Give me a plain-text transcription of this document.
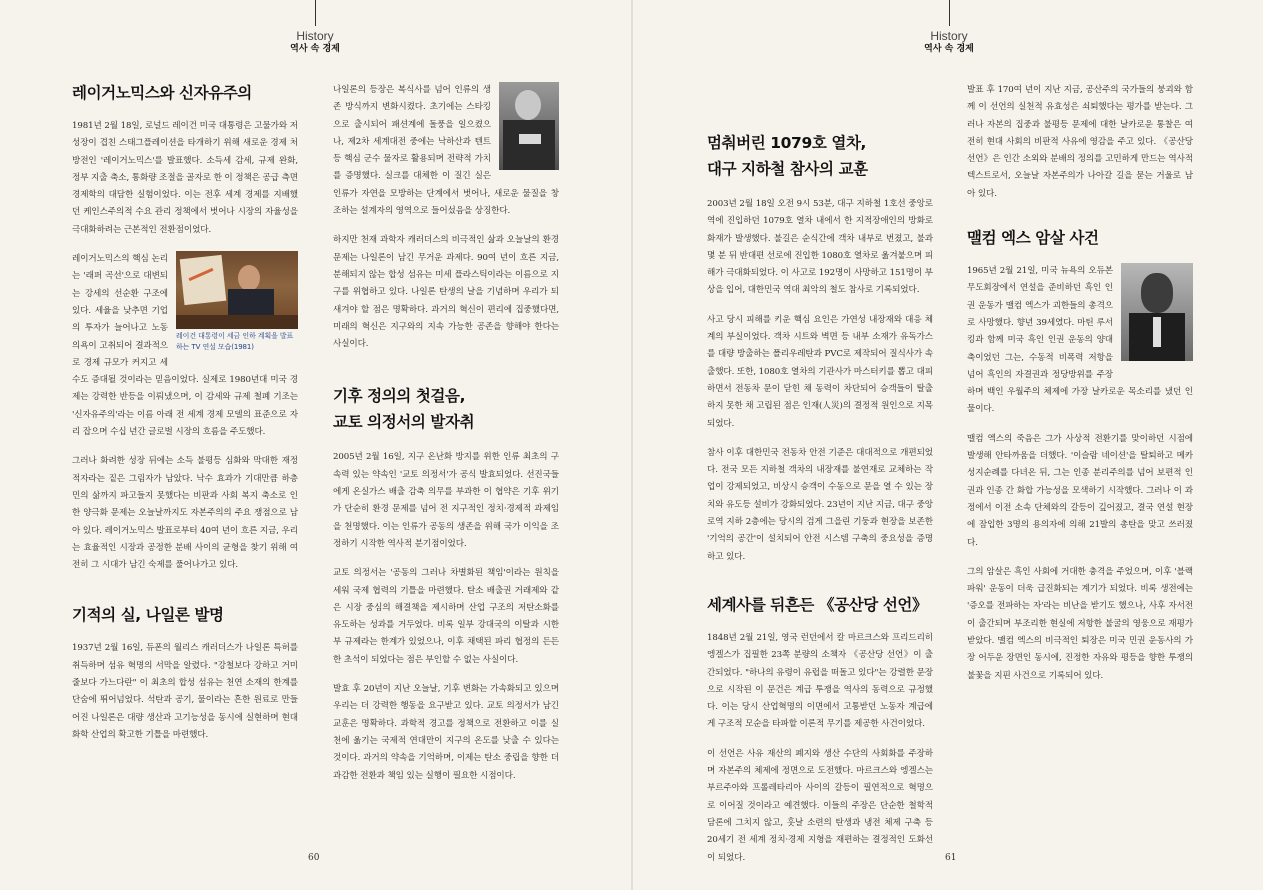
History
역사 속 경제
History
역사 속 경제
레이거노믹스와 신자유주의

1981년 2월 18일, 로널드 레이건 미국 대통령은 고물가와 저성장이 겹친 스태그플레이션을 타개하기 위해 새로운 경제 처방전인 '레이거노믹스'를 발표했다. 소득세 감세, 규제 완화, 정부 지출 축소, 통화량 조절을 골자로 한 이 정책은 공급 측면 경제학의 대담한 실험이었다. 이는 전후 세계 경제를 지배했던 케인스주의적 수요 관리 정책에서 벗어나 시장의 자율성을 극대화하려는 근본적인 전환점이었다.

레이건 대통령이 세금 인하 계획을 발표하는 TV 연설 모습(1981)

레이거노믹스의 핵심 논리는 '래퍼 곡선'으로 대변되는 강세의 선순환 구조에 있다. 세율을 낮추면 기업의 투자가 늘어나고 노동 의욕이 고취되어 결과적으로 경제 규모가 커지고 세수도 증대될 것이라는 믿음이었다. 실제로 1980년대 미국 경제는 강력한 반등을 이뤄냈으며, 이 감세와 규제 철폐 기조는 '신자유주의'라는 이름 아래 전 세계 경제 모델의 표준으로 자리 잡으며 수십 년간 글로벌 시장의 흐름을 주도했다.

그러나 화려한 성장 뒤에는 소득 불평등 심화와 막대한 재정 적자라는 짙은 그림자가 남았다. 낙수 효과가 기대만큼 하층민의 삶까지 파고들지 못했다는 비판과 사회 복지 축소로 인한 양극화 문제는 오늘날까지도 자본주의의 주요 쟁점으로 남아 있다. 레이거노믹스 발표로부터 40여 년이 흐른 지금, 우리는 효율적인 시장과 공정한 분배 사이의 균형을 찾기 위해 여전히 그 시대가 남긴 숙제를 풀어나가고 있다.

기적의 실, 나일론 발명

1937년 2월 16일, 듀폰의 월리스 캐러더스가 나일론 특허를 취득하며 섬유 혁명의 서막을 알렸다. "강철보다 강하고 거미줄보다 가느다란" 이 최초의 합성 섬유는 천연 소재의 한계를 단숨에 뛰어넘었다. 석탄과 공기, 물이라는 흔한 원료로 만들어진 나일론은 대량 생산과 고기능성을 동시에 실현하며 현대 화학 산업의 확고한 기틀을 마련했다.

나일론의 등장은 복식사를 넘어 인류의 생존 방식까지 변화시켰다. 초기에는 스타킹으로 출시되어 패션계에 돌풍을 일으켰으나, 제2차 세계대전 중에는 낙하산과 텐트 등 핵심 군수 물자로 활용되며 전략적 가치를 증명했다. 실크를 대체한 이 질긴 실은 인류가 자연을 모방하는 단계에서 벗어나, 새로운 물질을 창조하는 설계자의 영역으로 들어섰음을 상징한다.

하지만 천재 과학자 캐러더스의 비극적인 삶과 오늘날의 환경 문제는 나일론이 남긴 무거운 과제다. 90여 년이 흐른 지금, 분해되지 않는 합성 섬유는 미세 플라스틱이라는 이름으로 지구를 위협하고 있다. 나일론 탄생의 날을 기념하며 우리가 되새겨야 할 점은 명확하다. 과거의 혁신이 편리에 집중했다면, 미래의 혁신은 지구와의 지속 가능한 공존을 향해야 한다는 사실이다.

기후 정의의 첫걸음,
교토 의정서의 발자취

2005년 2월 16일, 지구 온난화 방지를 위한 인류 최초의 구속력 있는 약속인 '교토 의정서'가 공식 발효되었다. 선진국들에게 온실가스 배출 감축 의무를 부과한 이 협약은 기후 위기가 단순히 환경 문제를 넘어 전 지구적인 정치·경제적 과제임을 천명했다. 이는 인류가 공동의 생존을 위해 국가 이익을 조정하기 시작한 역사적 분기점이었다.

교토 의정서는 '공동의 그러나 차별화된 책임'이라는 원칙을 세워 국제 협력의 기틀을 마련했다. 탄소 배출권 거래제와 같은 시장 중심의 해결책을 제시하며 산업 구조의 저탄소화를 유도하는 성과를 거두었다. 비록 일부 강대국의 이탈과 시한부 규제라는 한계가 있었으나, 이후 채택된 파리 협정의 든든한 초석이 되었다는 점은 부인할 수 없는 사실이다.

발효 후 20년이 지난 오늘날, 기후 변화는 가속화되고 있으며 우리는 더 강력한 행동을 요구받고 있다. 교토 의정서가 남긴 교훈은 명확하다. 과학적 경고를 정책으로 전환하고 이를 실천에 옮기는 국제적 연대만이 지구의 온도를 낮출 수 있다는 것이다. 과거의 약속을 기억하며, 이제는 탄소 중립을 향한 더 과감한 전환과 책임 있는 실행이 필요한 시점이다.

멈춰버린 1079호 열차,
대구 지하철 참사의 교훈

2003년 2월 18일 오전 9시 53분, 대구 지하철 1호선 중앙로역에 진입하던 1079호 열차 내에서 한 지적장애인의 방화로 화재가 발생했다. 불길은 순식간에 객차 내부로 번졌고, 불과 몇 분 뒤 반대편 선로에 진입한 1080호 열차로 옮겨붙으며 피해가 극대화되었다. 이 사고로 192명이 사망하고 151명이 부상을 입어, 대한민국 역대 최악의 철도 참사로 기록되었다.

사고 당시 피해를 키운 핵심 요인은 가연성 내장재와 대응 체계의 부실이었다. 객차 시트와 벽면 등 내부 소재가 유독가스를 대량 방출하는 폴리우레탄과 PVC로 제작되어 질식사가 속출했다. 또한, 1080호 열차의 기관사가 마스터키를 뽑고 대피하면서 전동차 문이 닫힌 채 동력이 차단되어 승객들이 탈출하지 못한 채 고립된 점은 인재(人災)의 결정적 원인으로 지목되었다.

참사 이후 대한민국 전동차 안전 기준은 대대적으로 개편되었다. 전국 모든 지하철 객차의 내장재를 불연재로 교체하는 작업이 강제되었고, 비상시 승객이 수동으로 문을 열 수 있는 장치와 유도등 설비가 강화되었다. 23년이 지난 지금, 대구 중앙로역 지하 2층에는 당시의 검게 그을린 기둥과 현장을 보존한 '기억의 공간'이 설치되어 안전 시스템 구축의 중요성을 증명하고 있다.

세계사를 뒤흔든 《공산당 선언》

1848년 2월 21일, 영국 런던에서 칼 마르크스와 프리드리히 엥겔스가 집필한 23쪽 분량의 소책자 《공산당 선언》이 출간되었다. "하나의 유령이 유럽을 떠돌고 있다"는 강렬한 문장으로 시작된 이 문건은 계급 투쟁을 역사의 동력으로 규정했다. 이는 당시 산업혁명의 이면에서 고통받던 노동자 계급에게 구조적 모순을 타파할 이론적 무기를 제공한 사건이었다.

이 선언은 사유 재산의 폐지와 생산 수단의 사회화를 주장하며 자본주의 체제에 정면으로 도전했다. 마르크스와 엥겔스는 부르주아와 프롤레타리아 사이의 갈등이 필연적으로 혁명으로 이어질 것이라고 예견했다. 이들의 주장은 단순한 철학적 담론에 그치지 않고, 훗날 소련의 탄생과 냉전 체제 구축 등 20세기 전 세계 정치·경제 지형을 재편하는 결정적인 도화선이 되었다.

발표 후 170여 년이 지난 지금, 공산주의 국가들의 붕괴와 함께 이 선언의 실천적 유효성은 쇠퇴했다는 평가를 받는다. 그러나 자본의 집중과 불평등 문제에 대한 날카로운 통찰은 여전히 현대 사회의 비판적 사유에 영감을 주고 있다. 《공산당 선언》은 인간 소외와 분배의 정의를 고민하게 만드는 역사적 텍스트로서, 오늘날 자본주의가 나아갈 길을 묻는 거울로 남아 있다.

맬컴 엑스 암살 사건

1965년 2월 21일, 미국 뉴욕의 오듀본 무도회장에서 연설을 준비하던 흑인 인권 운동가 맬컴 엑스가 괴한들의 총격으로 사망했다. 향년 39세였다. 마틴 루서 킹과 함께 미국 흑인 인권 운동의 양대 축이었던 그는, 수동적 비폭력 저항을 넘어 흑인의 자결권과 정당방위를 주장하며 백인 우월주의 체제에 가장 날카로운 목소리를 냈던 인물이다.

맬컴 엑스의 죽음은 그가 사상적 전환기를 맞이하던 시점에 발생해 안타까움을 더했다. '이슬람 네이션'을 탈퇴하고 메카 성지순례를 다녀온 뒤, 그는 인종 분리주의를 넘어 보편적 인권과 인종 간 화합 가능성을 모색하기 시작했다. 그러나 이 과정에서 이전 소속 단체와의 갈등이 깊어졌고, 결국 연설 현장에 잠입한 3명의 용의자에 의해 21발의 총탄을 맞고 쓰러졌다.

그의 암살은 흑인 사회에 거대한 충격을 주었으며, 이후 '블랙 파워' 운동이 더욱 급진화되는 계기가 되었다. 비록 생전에는 '증오를 전파하는 자'라는 비난을 받기도 했으나, 사후 자서전이 출간되며 부조리한 현실에 저항한 불굴의 영웅으로 재평가받았다. 맬컴 엑스의 비극적인 퇴장은 미국 민권 운동사의 가장 어두운 장면인 동시에, 진정한 자유와 평등을 향한 투쟁의 불꽃을 지핀 사건으로 기록되어 있다.

60	61
